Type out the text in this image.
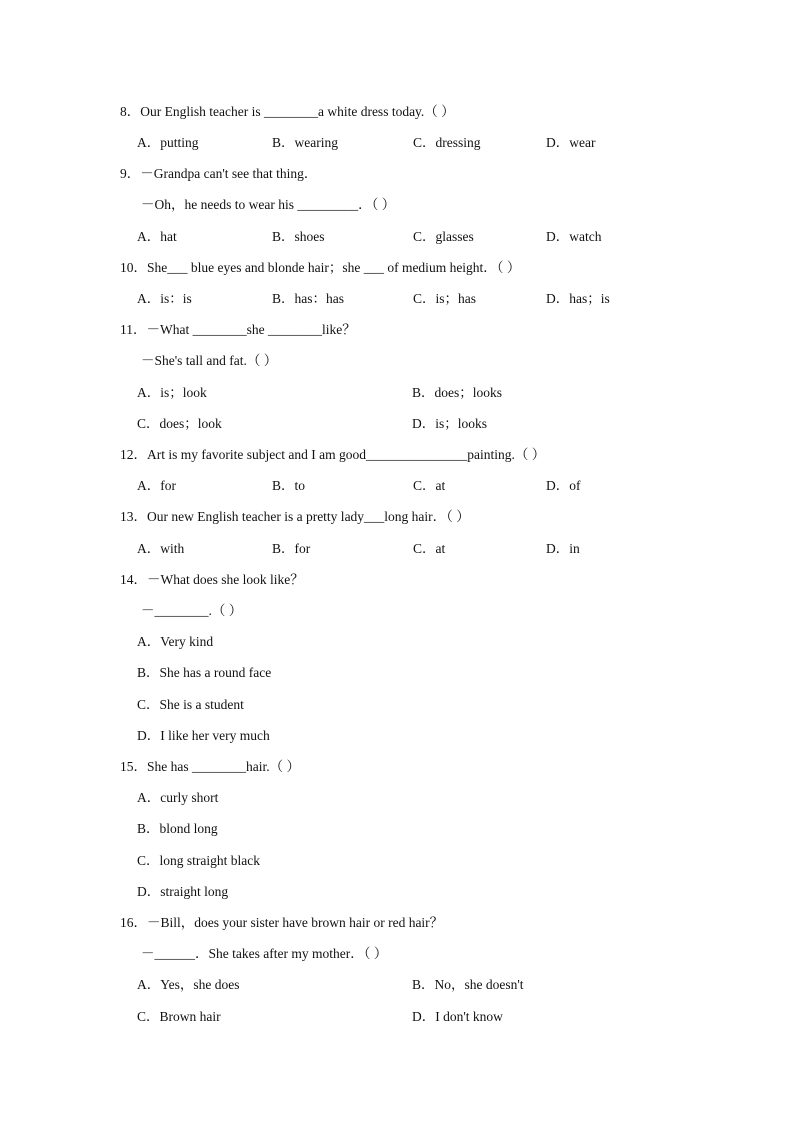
8．Our English teacher is ________a white dress today.（ ）
A．putting	B．wearing	C．dressing	D．wear
9．－Grandpa can't see that thing．
－Oh，he needs to wear his _________．（ ）
A．hat	B．shoes	C．glasses	D．watch
10．She___ blue eyes and blonde hair；she ___ of medium height．（ ）
A．is：is	B．has：has	C．is；has	D．has；is
11．－What ________she ________like？
－She's tall and fat.（ ）
A．is；look	B．does；looks
C．does；look	D．is；looks
12．Art is my favorite subject and I am good_______________painting.（ ）
A．for	B．to	C．at	D．of
13．Our new English teacher is a pretty lady___long hair．（ ）
A．with	B．for	C．at	D．in
14．－What does she look like？
－________.（ ）
A．Very kind
B．She has a round face
C．She is a student
D．I like her very much
15．She has ________hair.（ ）
A．curly short
B．blond long
C．long straight black
D．straight long
16．－Bill，does your sister have brown hair or red hair？
－______．She takes after my mother．（ ）
A．Yes，she does	B．No，she doesn't
C．Brown hair	D．I don't know
